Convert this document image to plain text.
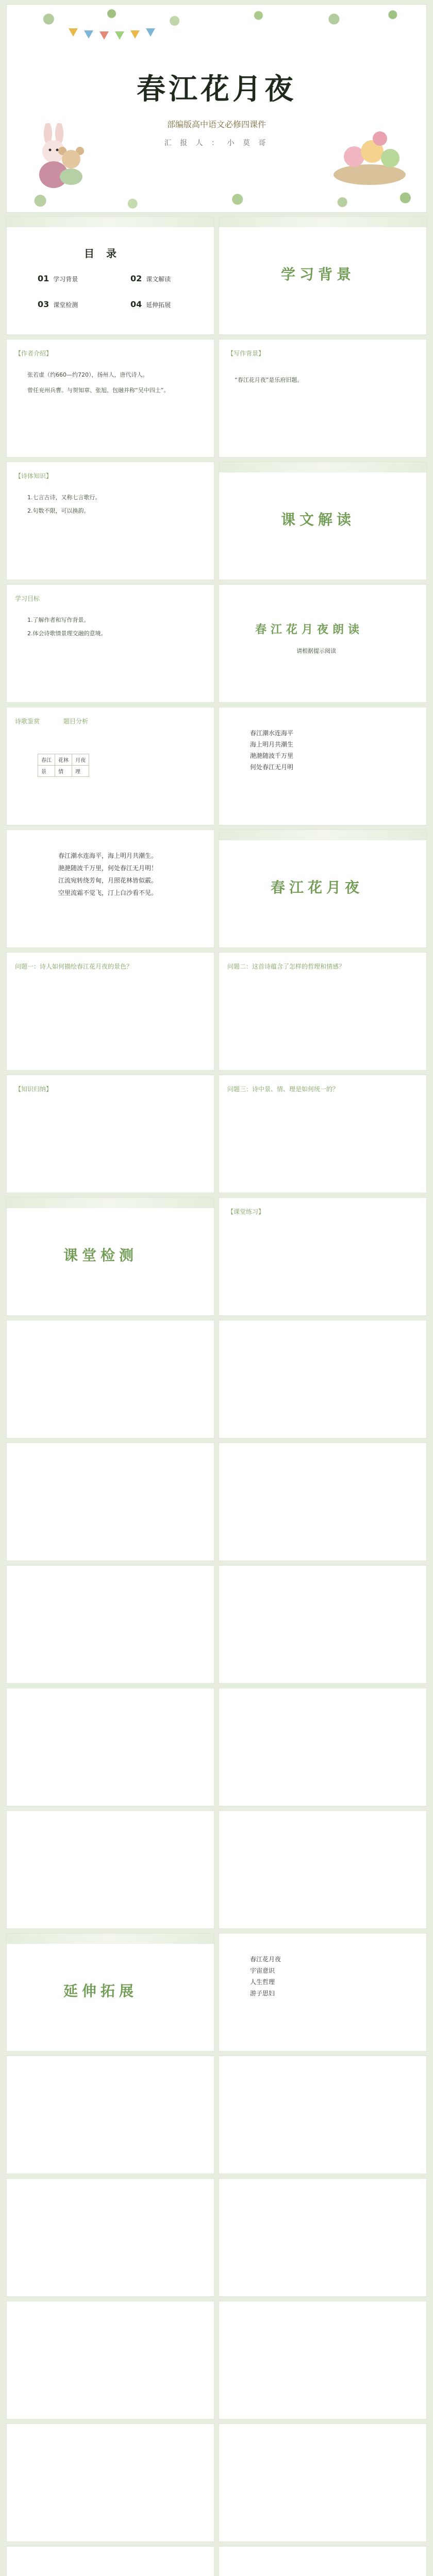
春江花月夜
部编版高中语文必修四课件
汇 报 人 ： 小 莫 哥
目 录
01 学习背景	02 课文解读
03 课堂检测	04 延伸拓展
学习背景
【作者介绍】
张若虚（约660—约720），扬州人，唐代诗人。
曾任兖州兵曹。与贺知章、张旭、包融并称“吴中四士”。
【写作背景】
“春江花月夜”是乐府旧题。
【诗体知识】
1.七言古诗，又称七言歌行。
2.句数不限，可以换韵。
课文解读
学习目标
1.了解作者和写作背景。
2.体会诗歌情景理交融的意境。	春江花月夜朗读
请根据提示阅读
诗歌鉴赏	题目分析
春江	花林	月夜
景	情	理
春江潮水连海平
海上明月共潮生
滟滟随波千万里
何处春江无月明
春江潮水连海平，海上明月共潮生。
滟滟随波千万里，何处春江无月明！
江流宛转绕芳甸，月照花林皆似霰。
空里流霜不觉飞，汀上白沙看不见。	春江花月夜
问题一：诗人如何描绘春江花月夜的景色？	问题二：这首诗蕴含了怎样的哲理和情感？
【知识归纳】	问题三：诗中景、情、理是如何统一的？
课堂检测
【课堂练习】
延伸拓展
春江花月夜
宇宙意识
人生哲理
游子思妇
